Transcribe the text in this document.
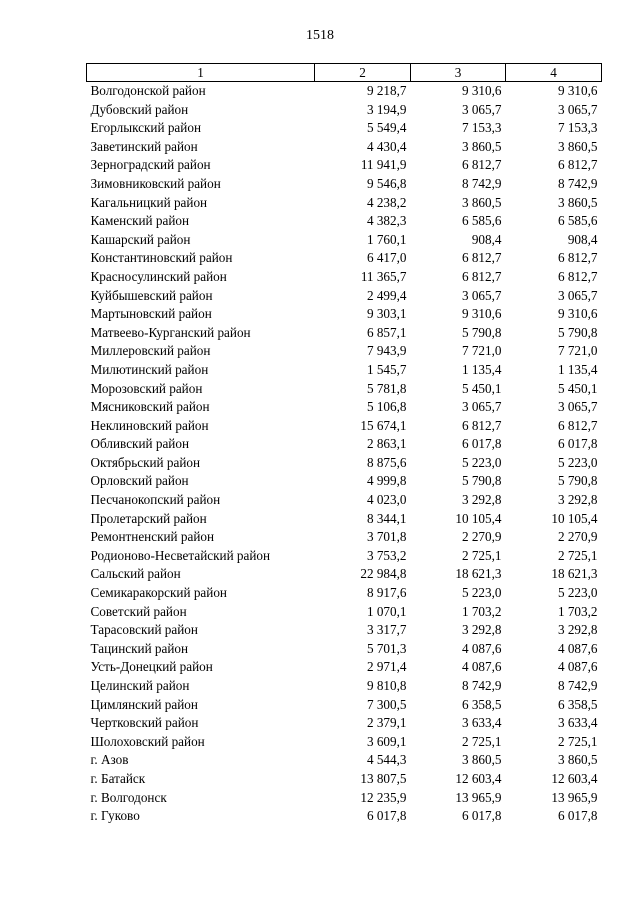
1518
1	2	3	4
Волгодонской район	9 218,7	9 310,6	9 310,6
Дубовский район	3 194,9	3 065,7	3 065,7
Егорлыкский район	5 549,4	7 153,3	7 153,3
Заветинский район	4 430,4	3 860,5	3 860,5
Зерноградский район	11 941,9	6 812,7	6 812,7
Зимовниковский район	9 546,8	8 742,9	8 742,9
Кагальницкий район	4 238,2	3 860,5	3 860,5
Каменский район	4 382,3	6 585,6	6 585,6
Кашарский район	1 760,1	908,4	908,4
Константиновский район	6 417,0	6 812,7	6 812,7
Красносулинский район	11 365,7	6 812,7	6 812,7
Куйбышевский район	2 499,4	3 065,7	3 065,7
Мартыновский район	9 303,1	9 310,6	9 310,6
Матвеево-Курганский район	6 857,1	5 790,8	5 790,8
Миллеровский район	7 943,9	7 721,0	7 721,0
Милютинский район	1 545,7	1 135,4	1 135,4
Морозовский район	5 781,8	5 450,1	5 450,1
Мясниковский район	5 106,8	3 065,7	3 065,7
Неклиновский район	15 674,1	6 812,7	6 812,7
Обливский район	2 863,1	6 017,8	6 017,8
Октябрьский район	8 875,6	5 223,0	5 223,0
Орловский район	4 999,8	5 790,8	5 790,8
Песчанокопский район	4 023,0	3 292,8	3 292,8
Пролетарский район	8 344,1	10 105,4	10 105,4
Ремонтненский район	3 701,8	2 270,9	2 270,9
Родионово-Несветайский район	3 753,2	2 725,1	2 725,1
Сальский район	22 984,8	18 621,3	18 621,3
Семикаракорский район	8 917,6	5 223,0	5 223,0
Советский район	1 070,1	1 703,2	1 703,2
Тарасовский район	3 317,7	3 292,8	3 292,8
Тацинский район	5 701,3	4 087,6	4 087,6
Усть-Донецкий район	2 971,4	4 087,6	4 087,6
Целинский район	9 810,8	8 742,9	8 742,9
Цимлянский район	7 300,5	6 358,5	6 358,5
Чертковский район	2 379,1	3 633,4	3 633,4
Шолоховский район	3 609,1	2 725,1	2 725,1
г. Азов	4 544,3	3 860,5	3 860,5
г. Батайск	13 807,5	12 603,4	12 603,4
г. Волгодонск	12 235,9	13 965,9	13 965,9
г. Гуково	6 017,8	6 017,8	6 017,8
